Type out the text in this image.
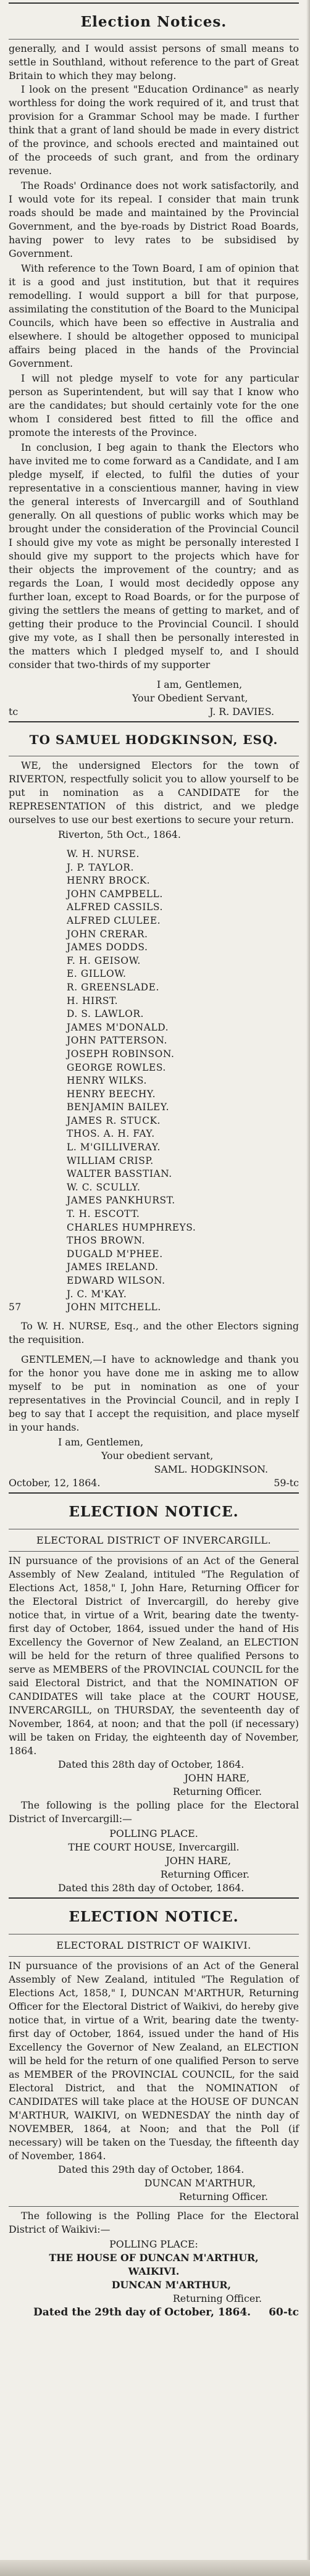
Election Notices.

generally, and I would assist persons of small means to settle in Southland, without reference to the part of Great Britain to which they may belong.

I look on the present "Education Ordinance" as nearly worthless for doing the work required of it, and trust that provision for a Grammar School may be made. I further think that a grant of land should be made in every district of the province, and schools erected and maintained out of the proceeds of such grant, and from the ordinary revenue.

The Roads' Ordinance does not work satisfactorily, and I would vote for its repeal. I consider that main trunk roads should be made and maintained by the Provincial Government, and the bye-roads by District Road Boards, having power to levy rates to be subsidised by Government.

With reference to the Town Board, I am of opinion that it is a good and just institution, but that it requires remodelling. I would support a bill for that purpose, assimilating the constitution of the Board to the Municipal Councils, which have been so effective in Australia and elsewhere. I should be altogether opposed to municipal affairs being placed in the hands of the Provincial Government.

I will not pledge myself to vote for any particular person as Superintendent, but will say that I know who are the candidates; but should certainly vote for the one whom I considered best fitted to fill the office and promote the interests of the Province.

In conclusion, I beg again to thank the Electors who have invited me to come forward as a Candidate, and I am pledge myself, if elected, to fulfil the duties of your representative in a conscientious manner, having in view the general interests of Invercargill and of Southland generally. On all questions of public works which may be brought under the consideration of the Provincial Council I should give my vote as might be personally interested I should give my support to the projects which have for their objects the improvement of the country; and as regards the Loan, I would most decidedly oppose any further loan, except to Road Boards, or for the purpose of giving the settlers the means of getting to market, and of getting their produce to the Provincial Council. I should give my vote, as I shall then be personally interested in the matters which I pledged myself to, and I should consider that two-thirds of my supporter

I am, Gentlemen,
Your Obedient Servant,
tc	J. R. DAVIES.
TO SAMUEL HODGKINSON, ESQ.

WE, the undersigned Electors for the town of RIVERTON, respectfully solicit you to allow yourself to be put in nomination as a CANDIDATE for the REPRESENTATION of this district, and we pledge ourselves to use our best exertions to secure your return.

Riverton, 5th Oct., 1864.
W. H. NURSE.
J. P. TAYLOR.
HENRY BROCK.
JOHN CAMPBELL.
ALFRED CASSILS.
ALFRED CLULEE.
JOHN CRERAR.
JAMES DODDS.
F. H. GEISOW.
E. GILLOW.
R. GREENSLADE.
H. HIRST.
D. S. LAWLOR.
JAMES M'DONALD.
JOHN PATTERSON.
JOSEPH ROBINSON.
GEORGE ROWLES.
HENRY WILKS.
HENRY BEECHY.
BENJAMIN BAILEY.
JAMES R. STUCK.
THOS. A. H. FAY.
L. M'GILLIVERAY.
WILLIAM CRISP.
WALTER BASSTIAN.
W. C. SCULLY.
JAMES PANKHURST.
T. H. ESCOTT.
CHARLES HUMPHREYS.
THOS BROWN.
DUGALD M'PHEE.
JAMES IRELAND.
EDWARD WILSON.
J. C. M'KAY.
57	JOHN MITCHELL.

To W. H. NURSE, Esq., and the other Electors signing the requisition.

GENTLEMEN,—I have to acknowledge and thank you for the honor you have done me in asking me to allow myself to be put in nomination as one of your representatives in the Provincial Council, and in reply I beg to say that I accept the requisition, and place myself in your hands.

I am, Gentlemen,
Your obedient servant,
SAML. HODGKINSON.
October, 12, 1864.	59-tc
ELECTION NOTICE.
ELECTORAL DISTRICT OF INVERCARGILL.

IN pursuance of the provisions of an Act of the General Assembly of New Zealand, intituled "The Regulation of Elections Act, 1858," I, John Hare, Returning Officer for the Electoral District of Invercargill, do hereby give notice that, in virtue of a Writ, bearing date the twenty-first day of October, 1864, issued under the hand of His Excellency the Governor of New Zealand, an ELECTION will be held for the return of three qualified Persons to serve as MEMBERS of the PROVINCIAL COUNCIL for the said Electoral District, and that the NOMINATION OF CANDIDATES will take place at the COURT HOUSE, INVERCARGILL, on THURSDAY, the seventeenth day of November, 1864, at noon; and that the poll (if necessary) will be taken on Friday, the eighteenth day of November, 1864.

Dated this 28th day of October, 1864.
JOHN HARE,
Returning Officer.

The following is the polling place for the Electoral District of Invercargill:—

POLLING PLACE.
THE COURT HOUSE, Invercargill.
JOHN HARE,
Returning Officer.
Dated this 28th day of October, 1864.
ELECTION NOTICE.
ELECTORAL DISTRICT OF WAIKIVI.

IN pursuance of the provisions of an Act of the General Assembly of New Zealand, intituled "The Regulation of Elections Act, 1858," I, DUNCAN M'ARTHUR, Returning Officer for the Electoral District of Waikivi, do hereby give notice that, in virtue of a Writ, bearing date the twenty-first day of October, 1864, issued under the hand of His Excellency the Governor of New Zealand, an ELECTION will be held for the return of one qualified Person to serve as MEMBER of the PROVINCIAL COUNCIL, for the said Electoral District, and that the NOMINATION of CANDIDATES will take place at the HOUSE OF DUNCAN M'ARTHUR, WAIKIVI, on WEDNESDAY the ninth day of NOVEMBER, 1864, at Noon; and that the Poll (if necessary) will be taken on the Tuesday, the fifteenth day of November, 1864.

Dated this 29th day of October, 1864.
DUNCAN M'ARTHUR,
Returning Officer.

The following is the Polling Place for the Electoral District of Waikivi:—

POLLING PLACE:
THE HOUSE OF DUNCAN M'ARTHUR,
WAIKIVI.
DUNCAN M'ARTHUR,
Returning Officer.
Dated the 29th day of October, 1864. 60-tc
